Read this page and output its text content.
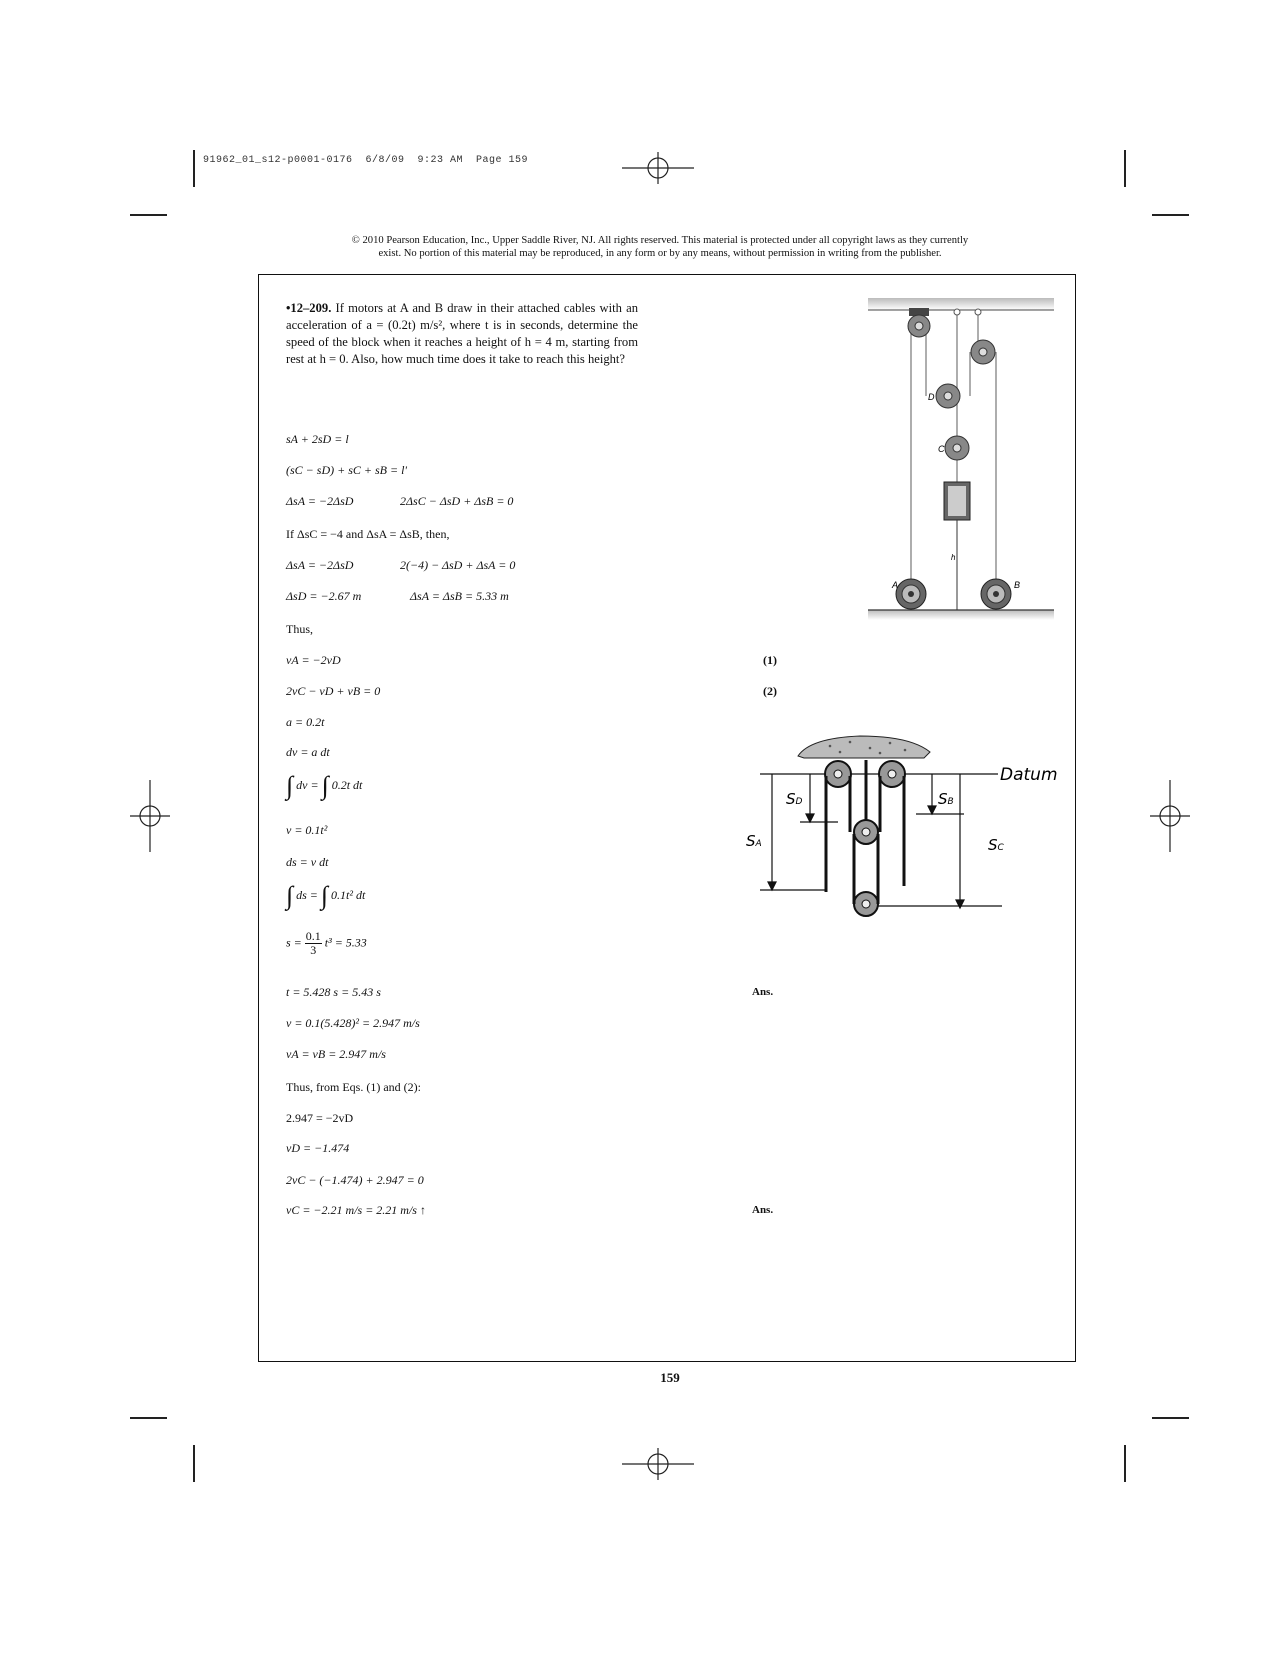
91962_01_s12-p0001-0176  6/8/09  9:23 AM  Page 159
© 2010 Pearson Education, Inc., Upper Saddle River, NJ. All rights reserved. This material is protected under all copyright laws as they currently
exist. No portion of this material may be reproduced, in any form or by any means, without permission in writing from the publisher.
•12–209. If motors at A and B draw in their attached cables with an acceleration of a = (0.2t) m/s², where t is in seconds, determine the speed of the block when it reaches a height of h = 4 m, starting from rest at h = 0. Also, how much time does it take to reach this height?
D
C
A	B
h
Datum
SD	SB
SA	SC
sA + 2sD = l
(sC − sD) + sC + sB = l'
ΔsA = −2ΔsD	2ΔsC − ΔsD + ΔsB = 0
If ΔsC = −4 and ΔsA = ΔsB, then,
ΔsA = −2ΔsD	2(−4) − ΔsD + ΔsA = 0
ΔsD = −2.67 m	ΔsA = ΔsB = 5.33 m
Thus,
vA = −2vD	(1)
2vC − vD + vB = 0	(2)
a = 0.2t
dv = a dt
∫ dv = ∫ 0.2t dt
v = 0.1t²
ds = v dt
∫ ds = ∫ 0.1t² dt
$s = \frac{0.1}{3} t^3 = 5.33$
t = 5.428 s = 5.43 s	Ans.
v = 0.1(5.428)² = 2.947 m/s
vA = vB = 2.947 m/s
Thus, from Eqs. (1) and (2):
2.947 = −2vD
vD = −1.474
2vC − (−1.474) + 2.947 = 0
vC = −2.21 m/s = 2.21 m/s ↑	Ans.
159
